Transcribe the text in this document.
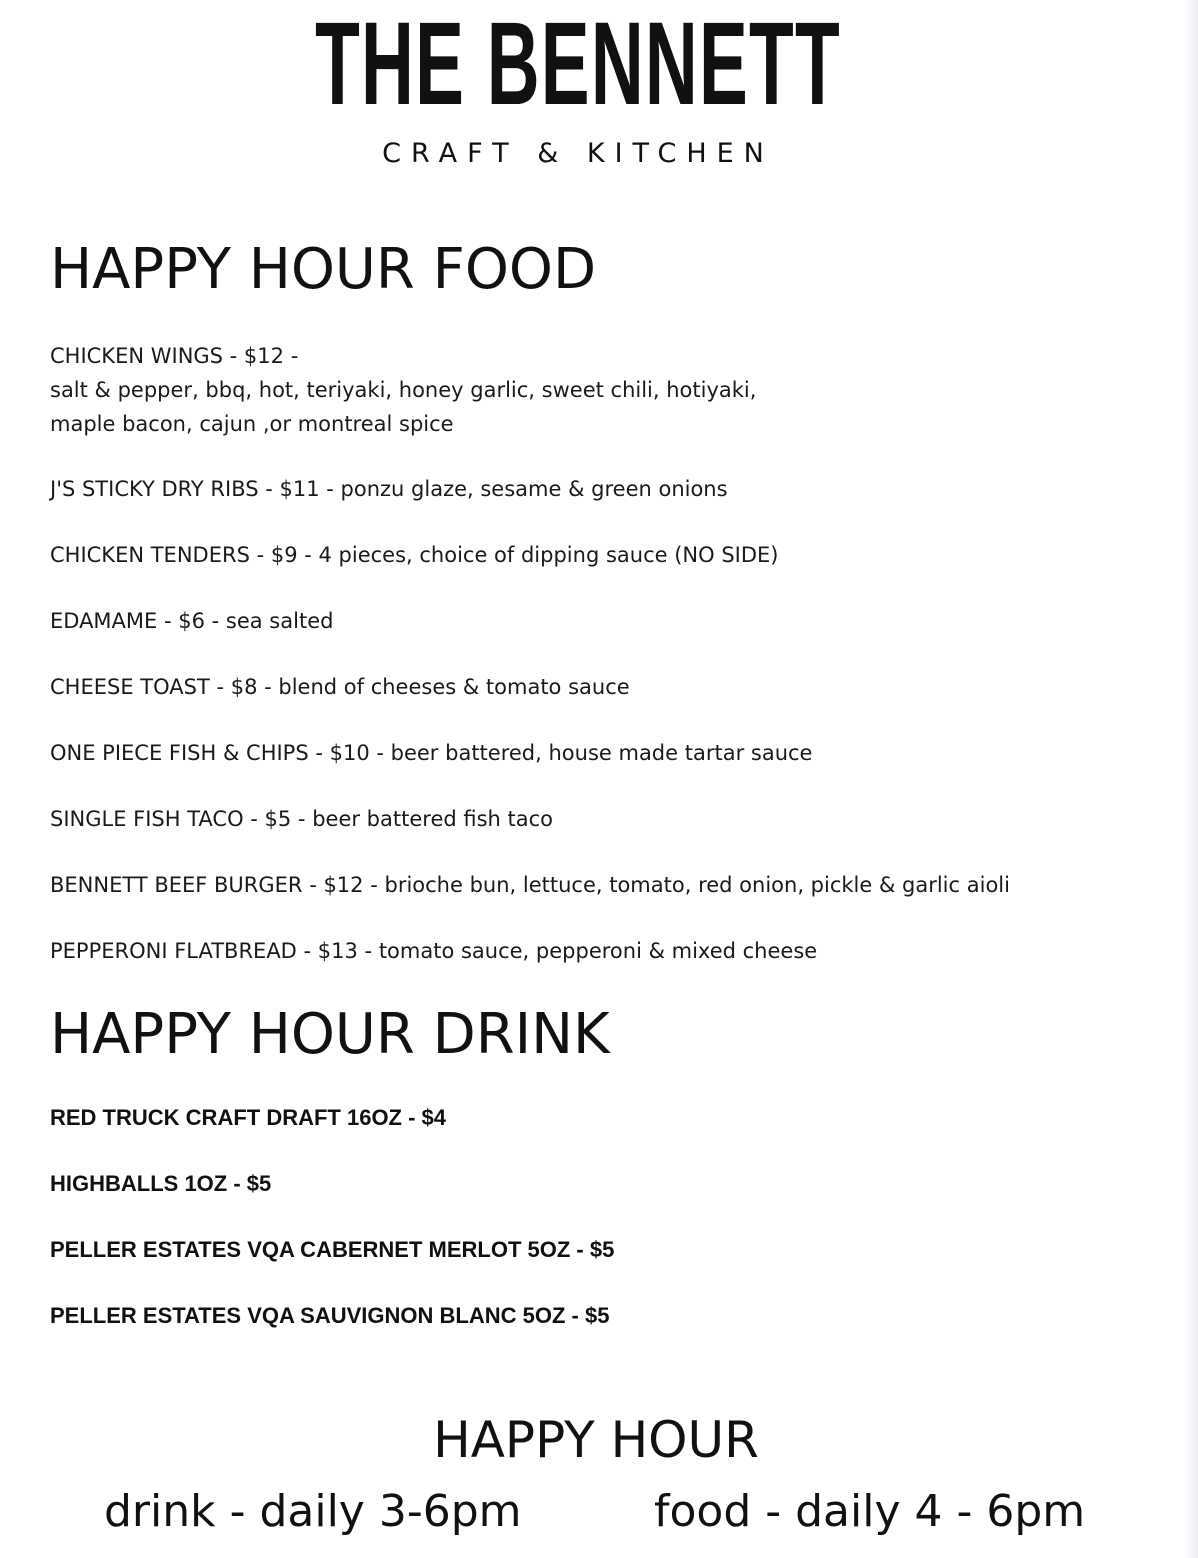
THE BENNETT
CRAFT & KITCHEN
HAPPY HOUR FOOD
CHICKEN WINGS - $12 -
salt & pepper, bbq, hot, teriyaki, honey garlic, sweet chili, hotiyaki,
maple bacon, cajun ,or montreal spice
J'S STICKY DRY RIBS - $11 - ponzu glaze, sesame & green onions
CHICKEN TENDERS - $9 - 4 pieces, choice of dipping sauce (NO SIDE)
EDAMAME - $6 - sea salted
CHEESE TOAST - $8 - blend of cheeses & tomato sauce
ONE PIECE FISH & CHIPS - $10 - beer battered, house made tartar sauce
SINGLE FISH TACO - $5 - beer battered fish taco
BENNETT BEEF BURGER - $12 - brioche bun, lettuce, tomato, red onion, pickle & garlic aioli
PEPPERONI FLATBREAD - $13 - tomato sauce, pepperoni & mixed cheese
HAPPY HOUR DRINK
RED TRUCK CRAFT DRAFT 16OZ - $4
HIGHBALLS 1OZ - $5
PELLER ESTATES VQA CABERNET MERLOT 5OZ - $5
PELLER ESTATES VQA SAUVIGNON BLANC 5OZ - $5
HAPPY HOUR
drink - daily 3-6pm	food - daily 4 - 6pm
